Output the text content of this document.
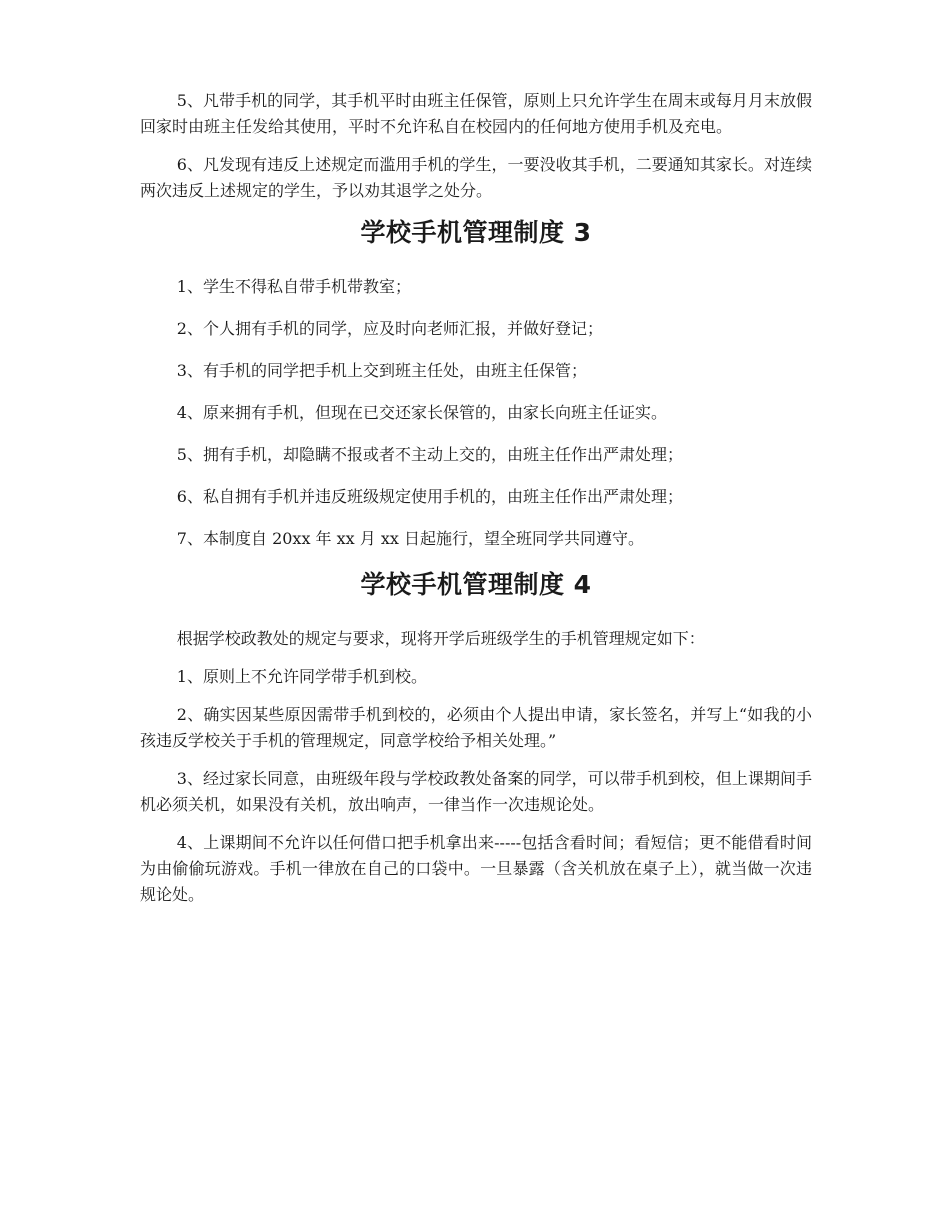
5、凡带手机的同学，其手机平时由班主任保管，原则上只允许学生在周末或每月月末放假回家时由班主任发给其使用，平时不允许私自在校园内的任何地方使用手机及充电。

6、凡发现有违反上述规定而滥用手机的学生，一要没收其手机，二要通知其家长。对连续两次违反上述规定的学生，予以劝其退学之处分。

学校手机管理制度 3

1、学生不得私自带手机带教室；

2、个人拥有手机的同学，应及时向老师汇报，并做好登记；

3、有手机的同学把手机上交到班主任处，由班主任保管；

4、原来拥有手机，但现在已交还家长保管的，由家长向班主任证实。

5、拥有手机，却隐瞒不报或者不主动上交的，由班主任作出严肃处理；

6、私自拥有手机并违反班级规定使用手机的，由班主任作出严肃处理；

7、本制度自 20xx 年 xx 月 xx 日起施行，望全班同学共同遵守。

学校手机管理制度 4

根据学校政教处的规定与要求，现将开学后班级学生的手机管理规定如下：

1、原则上不允许同学带手机到校。

2、确实因某些原因需带手机到校的，必须由个人提出申请，家长签名，并写上“如我的小孩违反学校关于手机的管理规定，同意学校给予相关处理。”

3、经过家长同意，由班级年段与学校政教处备案的同学，可以带手机到校，但上课期间手机必须关机，如果没有关机，放出响声，一律当作一次违规论处。

4、上课期间不允许以任何借口把手机拿出来-----包括含看时间；看短信；更不能借看时间为由偷偷玩游戏。手机一律放在自己的口袋中。一旦暴露（含关机放在桌子上），就当做一次违规论处。
